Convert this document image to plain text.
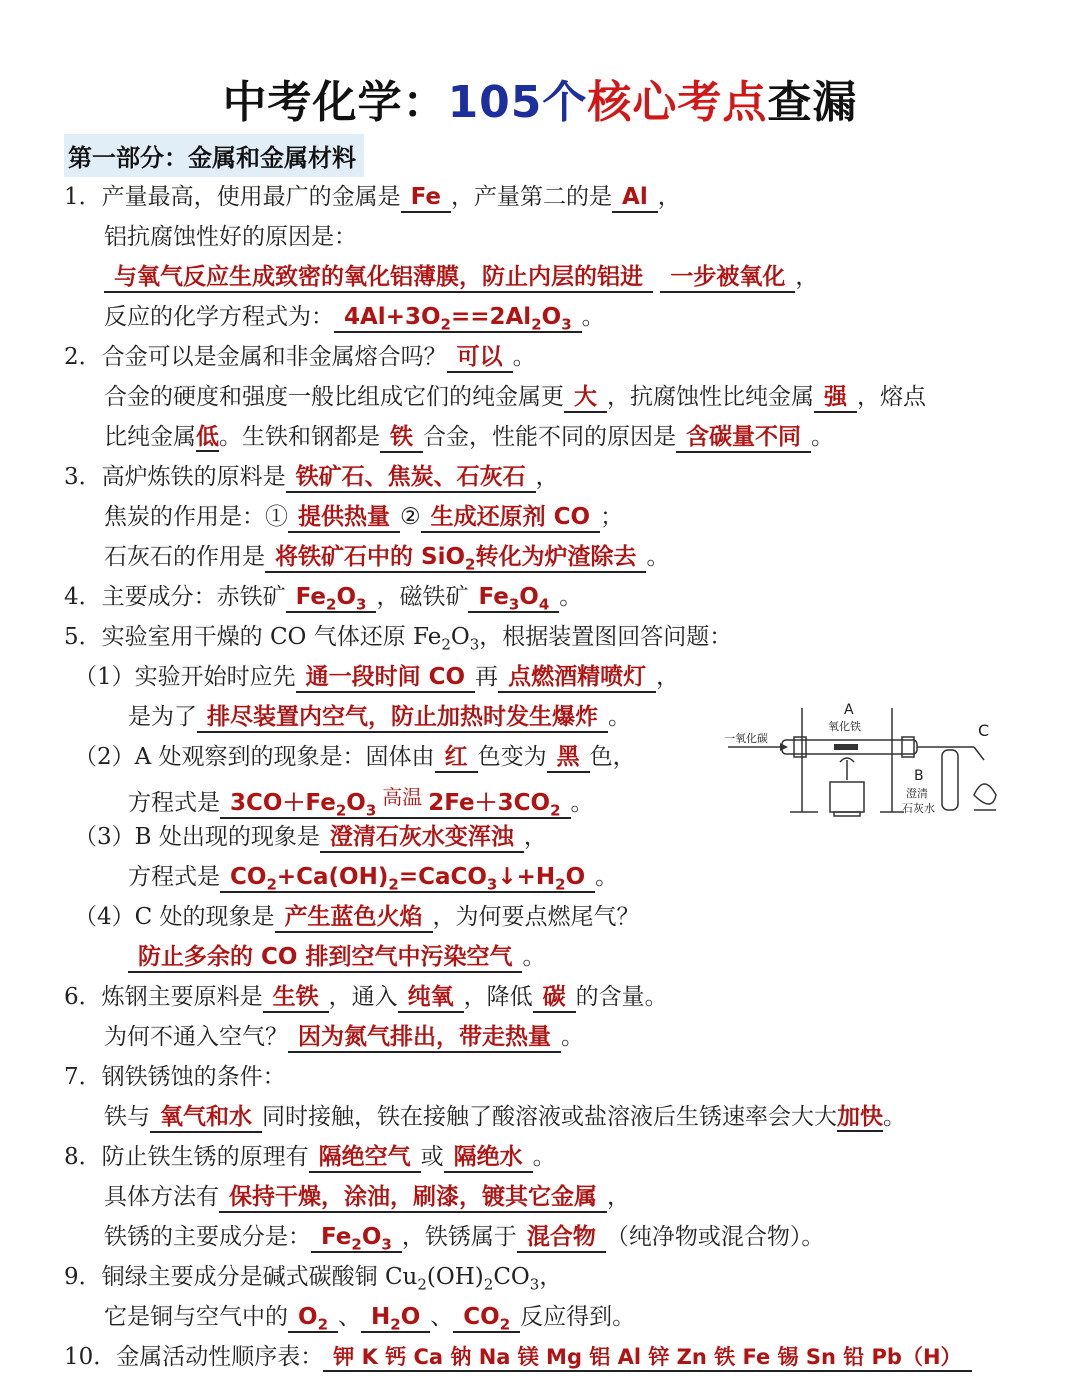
中考化学：105个核心考点查漏
第一部分：金属和金属材料
1．产量最高，使用最广的金属是 Fe ，产量第二的是 Al ，
铝抗腐蚀性好的原因是：
与氧气反应生成致密的氧化铝薄膜，防止内层的铝进 一步被氧化 ，
反应的化学方程式为： $4Al+3O_2==2Al_2O_3$ 。
2．合金可以是金属和非金属熔合吗？ 可以 。
合金的硬度和强度一般比组成它们的纯金属更 大 ，抗腐蚀性比纯金属 强 ，熔点
比纯金属低。生铁和钢都是 铁 合金，性能不同的原因是 含碳量不同 。
3．高炉炼铁的原料是 铁矿石、焦炭、石灰石 ，
焦炭的作用是：① 提供热量 ② 生成还原剂 CO ；
石灰石的作用是 将铁矿石中的 SiO$_2$转化为炉渣除去 。
4．主要成分：赤铁矿 $Fe_2O_3$ ，磁铁矿 $Fe_3O_4$ 。
5．实验室用干燥的 CO 气体还原 $Fe_2O_3$，根据装置图回答问题：
（1）实验开始时应先 通一段时间 CO 再 点燃酒精喷灯 ，
是为了 排尽装置内空气，防止加热时发生爆炸 。
（2）A 处观察到的现象是：固体由 红 色变为 黑 色，
方程式是 $3CO+Fe_2O_3$高温 $2Fe+3CO_2$ 。
（3）B 处出现的现象是 澄清石灰水变浑浊 ，
方程式是 $CO_2+Ca(OH)_2=CaCO_3↓+H_2O$ 。
（4）C 处的现象是 产生蓝色火焰 ，为何要点燃尾气？
防止多余的 CO 排到空气中污染空气 。
一氧化碳
A
氧化铁
B
澄清
石灰水
C
6．炼钢主要原料是 生铁 ，通入 纯氧 ，降低 碳 的含量。
为何不通入空气？ 因为氮气排出，带走热量 。
7．钢铁锈蚀的条件：
铁与 氧气和水 同时接触，铁在接触了酸溶液或盐溶液后生锈速率会大大加快。
8．防止铁生锈的原理有 隔绝空气 或 隔绝水 。
具体方法有 保持干燥，涂油，刷漆，镀其它金属 ，
铁锈的主要成分是： $Fe_2O_3$ ，铁锈属于 混合物 （纯净物或混合物）。
9．铜绿主要成分是碱式碳酸铜 $Cu_2(OH)_2CO_3$，
它是铜与空气中的 $O_2$ 、 $H_2O$ 、 $CO_2$ 反应得到。
10．金属活动性顺序表： 钾 K 钙 Ca 钠 Na 镁 Mg 铝 Al 锌 Zn 铁 Fe 锡 Sn 铅 Pb（H）
